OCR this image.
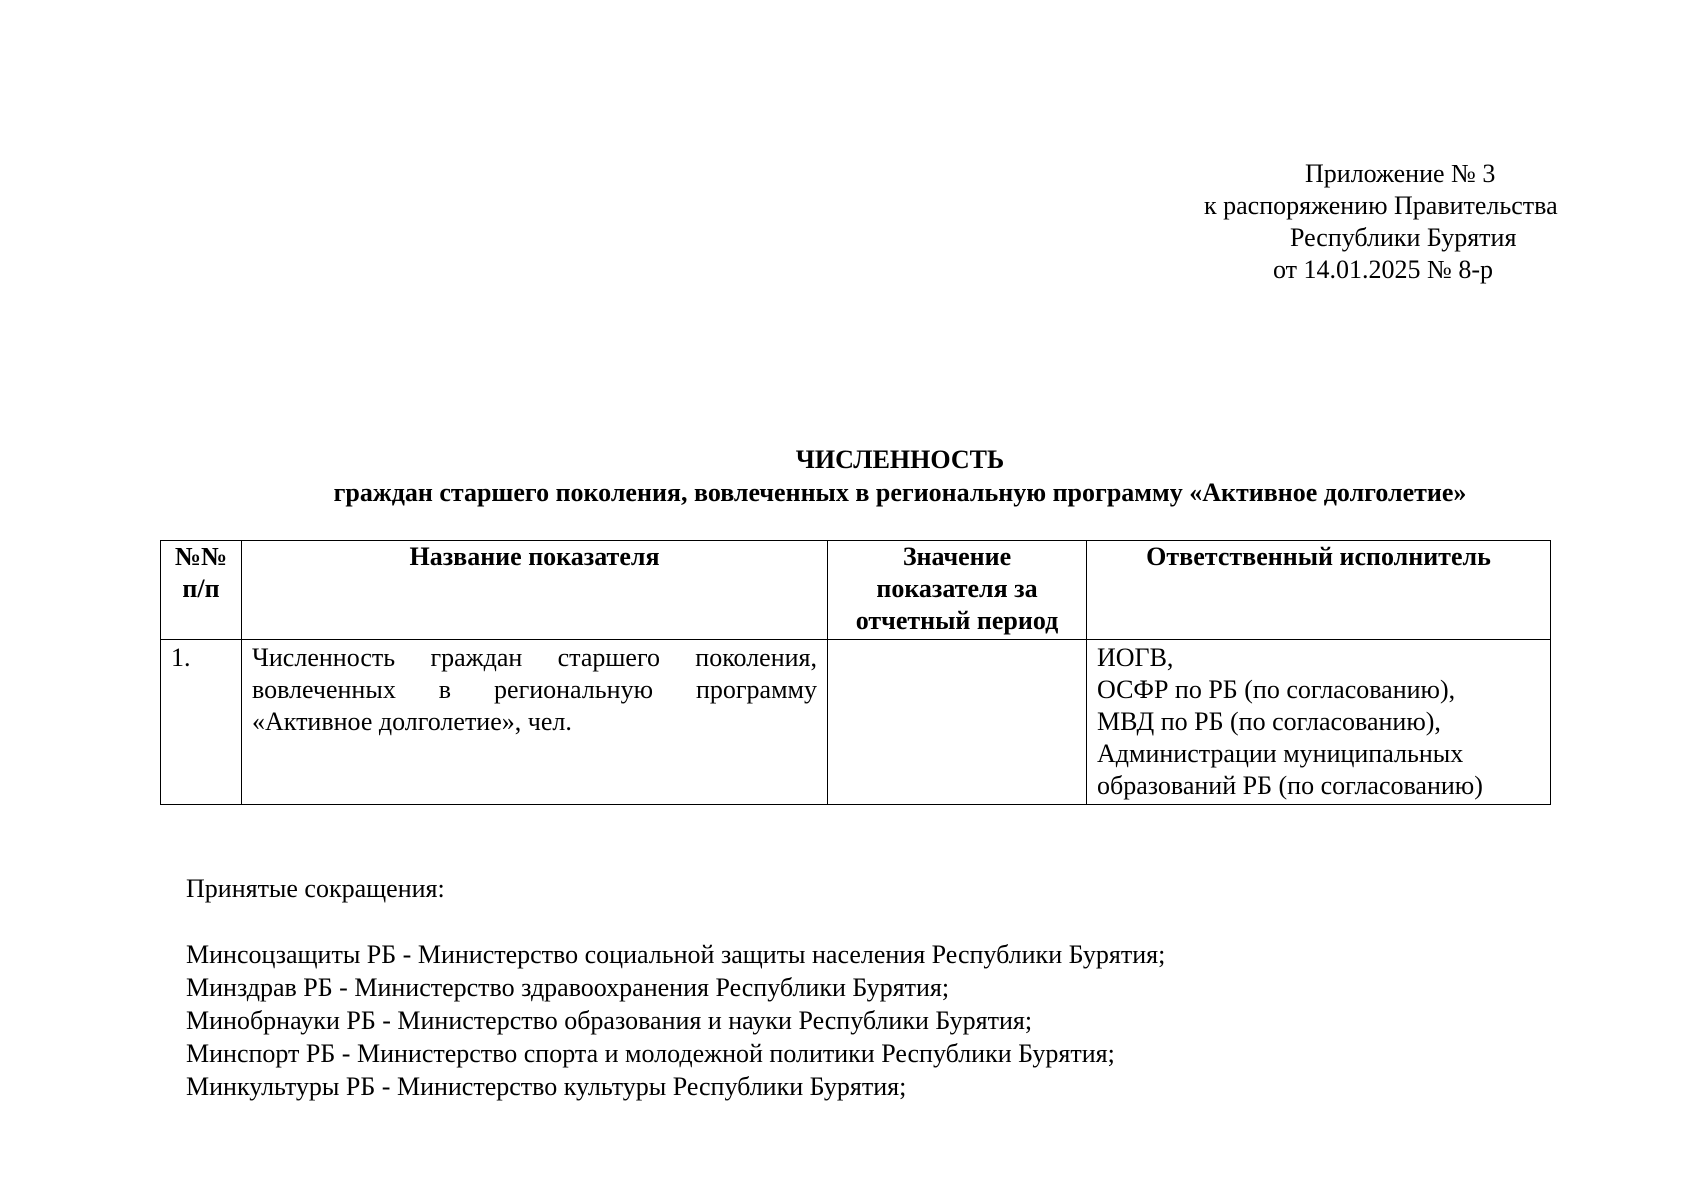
Приложение № 3
к распоряжению Правительства
Республики Бурятия
от 14.01.2025 № 8-р
ЧИСЛЕННОСТЬ
граждан старшего поколения, вовлеченных в региональную программу «Активное долголетие»
№№ п/п	Название показателя	Значение показателя за отчетный период	Ответственный исполнитель
1.	Численность граждан старшего поколения, вовлеченных в региональную программу «Активное долголетие», чел.		ИОГВ,
ОСФР по РБ (по согласованию),
МВД по РБ (по согласованию),
Администрации муниципальных
образований РБ (по согласованию)
Принятые сокращения:
Минсоцзащиты РБ - Министерство социальной защиты населения Республики Бурятия;
Минздрав РБ - Министерство здравоохранения Республики Бурятия;
Минобрнауки РБ - Министерство образования и науки Республики Бурятия;
Минспорт РБ - Министерство спорта и молодежной политики Республики Бурятия;
Минкультуры РБ - Министерство культуры Республики Бурятия;
